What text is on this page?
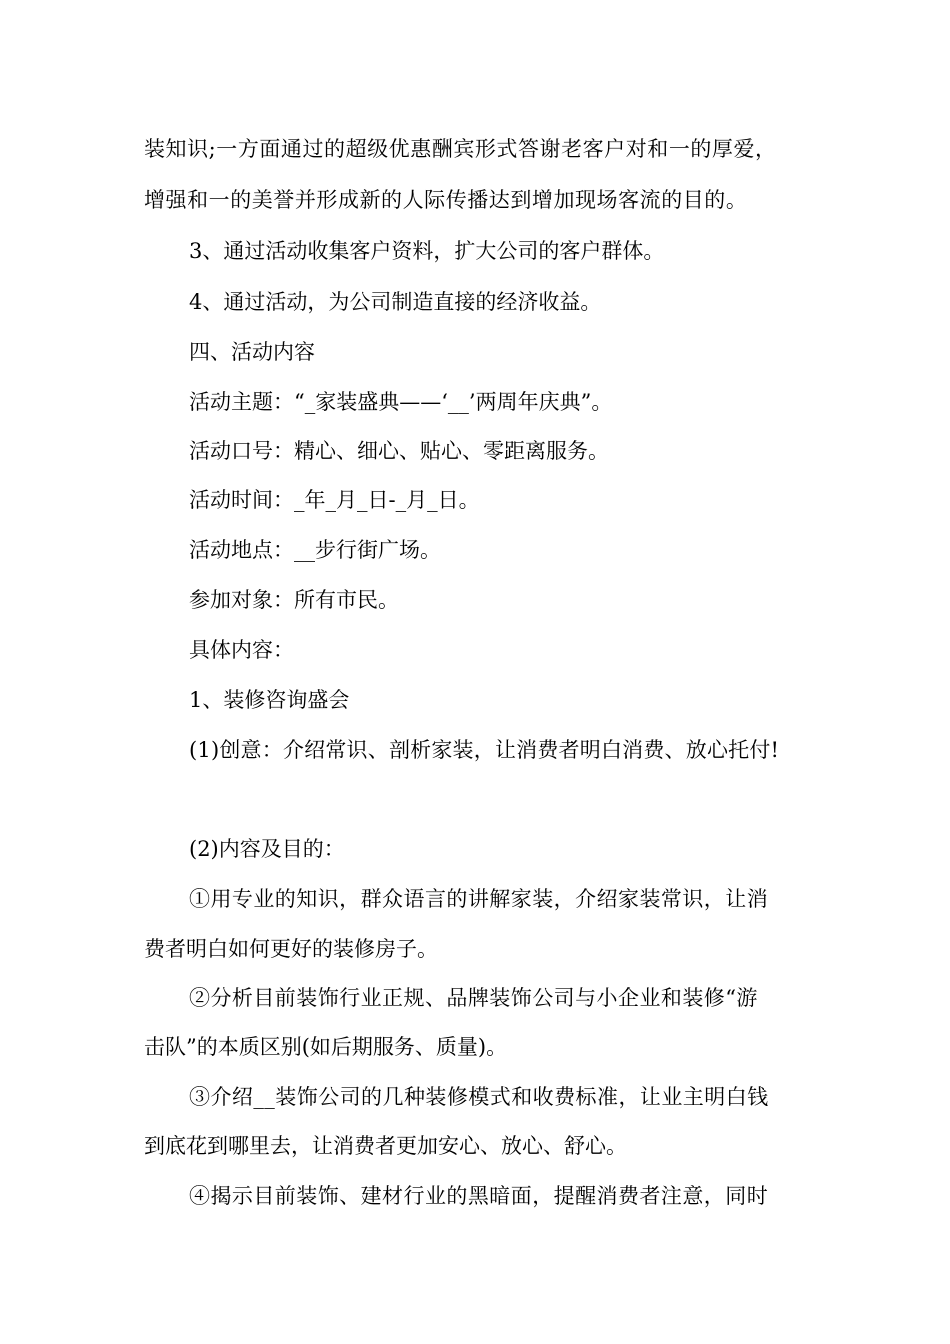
装知识;一方面通过的超级优惠酬宾形式答谢老客户对和一的厚爱，
增强和一的美誉并形成新的人际传播达到增加现场客流的目的。
3、通过活动收集客户资料，扩大公司的客户群体。
4、通过活动，为公司制造直接的经济收益。
四、活动内容
活动主题：“_家装盛典——‘__’两周年庆典”。
活动口号：精心、细心、贴心、零距离服务。
活动时间：_年_月_日-_月_日。
活动地点：__步行街广场。
参加对象：所有市民。
具体内容：
1、装修咨询盛会
(1)创意：介绍常识、剖析家装，让消费者明白消费、放心托付!
(2)内容及目的：
①用专业的知识，群众语言的讲解家装，介绍家装常识，让消
费者明白如何更好的装修房子。
②分析目前装饰行业正规、品牌装饰公司与小企业和装修“游
击队”的本质区别(如后期服务、质量)。
③介绍__装饰公司的几种装修模式和收费标准，让业主明白钱
到底花到哪里去，让消费者更加安心、放心、舒心。
④揭示目前装饰、建材行业的黑暗面，提醒消费者注意，同时
